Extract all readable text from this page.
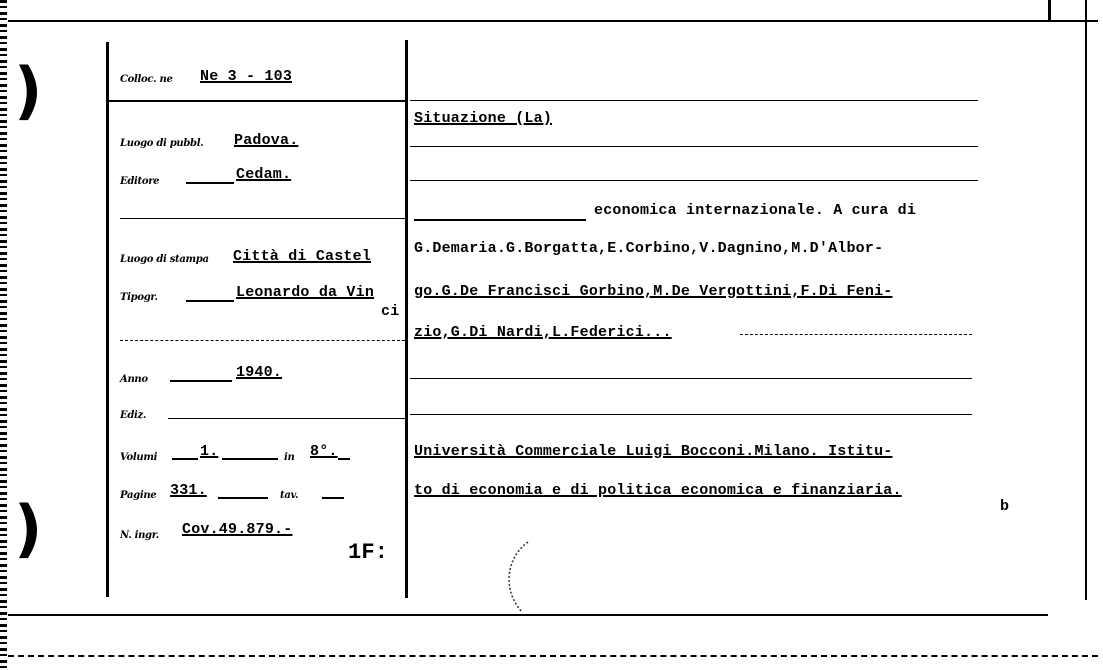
)
)
Colloc. ne Ne 3 - 103
Luogo di pubbl. Padova.
Editore	Cedam.
Luogo di stampa Città di Castel
Tipogr.	Leonardo da Vin
ci
Anno	1940.
Ediz.
Volumi	1.	in 8°.
Pagine 331.	tav.
N. ingr. Cov.49.879.-
Situazione (La)
economica internazionale. A cura di
G.Demaria.G.Borgatta,E.Corbino,V.Dagnino,M.D'Albor-
go.G.De Francisci Gorbino,M.De Vergottini,F.Di Feni-
zio,G.Di Nardi,L.Federici...
Università Commerciale Luigi Bocconi.Milano. Istitu-
to di economia e di politica economica e finanziaria.
b
1F:
